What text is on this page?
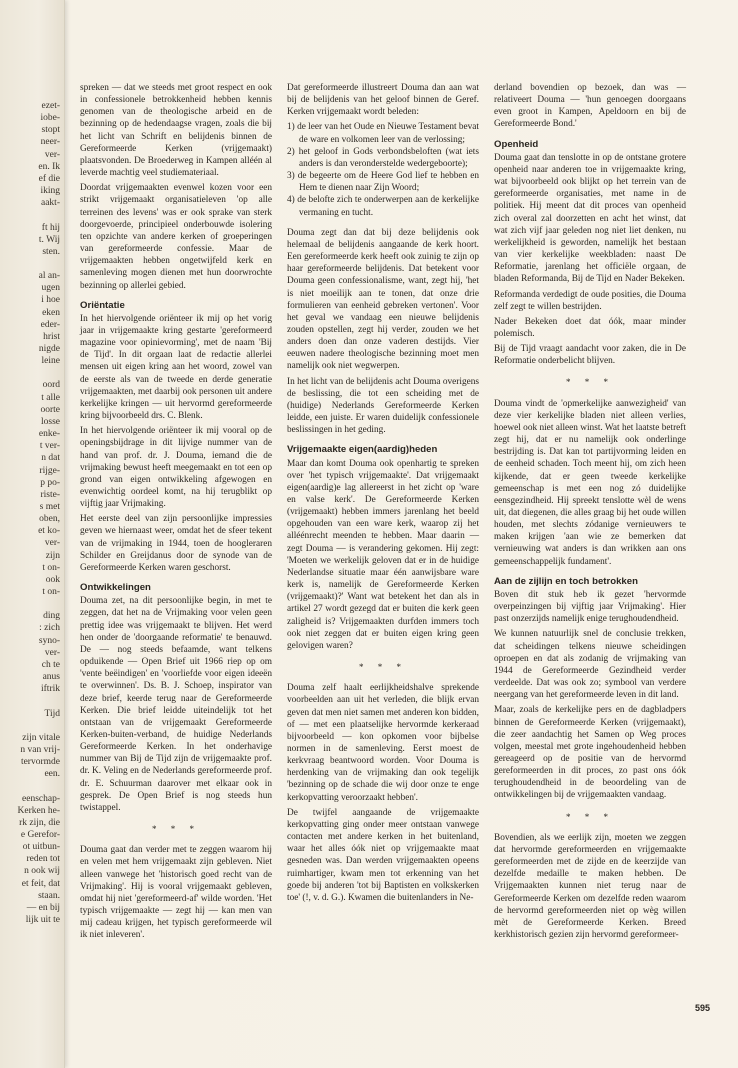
ezet-
iobe-
stopt
neer-
ver-
en. Ik
ef die
iking
aakt-
ft hij
t. Wij
sten.
al an-
ugen
i hoe
eken
eder-
hrist
nigde
leine
oord
t alle
oorte
losse
enke-
t ver-
n dat
rijge-
p po-
riste-
s met
oben,
et ko-
ver-
zijn
t on-
ook
t on-
ding
: zich
syno-
ver-
ch te
anus
iftrik
Tijd
zijn vitale
n van vrij-
tervormde
een.
eenschap-
Kerken he-
rk zijn, die
e Gerefor-
ot uitbun-
reden tot
n ook wij
et feit, dat
staan.
— en bij
lijk uit te

spreken — dat we steeds met groot respect en ook in confessionele betrokkenheid hebben kennis genomen van de theologische arbeid en de bezinning op de hedendaagse vragen, zoals die bij het licht van Schrift en belijdenis binnen de Gereformeerde Kerken (vrijgemaakt) plaatsvonden. De Broederweg in Kampen alléén al leverde machtig veel studiemateriaal.

Doordat vrijgemaakten evenwel kozen voor een strikt vrijgemaakt organisatieleven 'op alle terreinen des levens' was er ook sprake van sterk doorgevoerde, principieel onderbouwde isolering ten opzichte van andere kerken of groeperingen van gereformeerde confessie. Maar de vrijgemaakten hebben ongetwijfeld kerk en samenleving mogen dienen met hun doorwrochte bezinning op allerlei gebied.

Oriëntatie

In het hiervolgende oriënteer ik mij op het vorig jaar in vrijgemaakte kring gestarte 'gereformeerd magazine voor opinievorming', met de naam 'Bij de Tijd'. In dit orgaan laat de redactie allerlei mensen uit eigen kring aan het woord, zowel van de eerste als van de tweede en derde generatie vrijgemaakten, met daarbij ook personen uit andere kerkelijke kringen — uit hervormd gereformeerde kring bijvoorbeeld drs. C. Blenk.

In het hiervolgende oriënteer ik mij vooral op de openingsbijdrage in dit lijvige nummer van de hand van prof. dr. J. Douma, iemand die de vrijmaking bewust heeft meegemaakt en tot een op grond van eigen ontwikkeling afgewogen en evenwichtig oordeel komt, na hij terugblikt op vijftig jaar Vrijmaking.

Het eerste deel van zijn persoonlijke impressies geven we hiernaast weer, omdat het de sfeer tekent van de vrijmaking in 1944, toen de hoogleraren Schilder en Greijdanus door de synode van de Gereformeerde Kerken waren geschorst.

Ontwikkelingen

Douma zet, na dit persoonlijke begin, in met te zeggen, dat het na de Vrijmaking voor velen geen prettig idee was vrijgemaakt te blijven. Het werd hen onder de 'doorgaande reformatie' te benauwd. De — nog steeds befaamde, want telkens opduikende — Open Brief uit 1966 riep op om 'vente beëindigen' en 'voorliefde voor eigen ideeën te overwinnen'. Ds. B. J. Schoep, inspirator van deze brief, keerde terug naar de Gereformeerde Kerken. Die brief leidde uiteindelijk tot het ontstaan van de vrijgemaakt Gereformeerde Kerken-buiten-verband, de huidige Nederlands Gereformeerde Kerken. In het onderhavige nummer van Bij de Tijd zijn de vrijgemaakte prof. dr. K. Veling en de Nederlands gereformeerde prof. dr. E. Schuurman daarover met elkaar ook in gesprek. De Open Brief is nog steeds hun twistappel.

* * *

Douma gaat dan verder met te zeggen waarom hij en velen met hem vrijgemaakt zijn gebleven. Niet alleen vanwege het 'historisch goed recht van de Vrijmaking'. Hij is vooral vrijgemaakt gebleven, omdat hij niet 'gereformeerd-af' wilde worden. 'Het typisch vrijgemaakte — zegt hij — kan men van mij cadeau krijgen, het typisch gereformeerde wil ik niet inleveren'.

Dat gereformeerde illustreert Douma dan aan wat bij de belijdenis van het geloof binnen de Geref. Kerken vrijgemaakt wordt beleden:

1) de leer van het Oude en Nieuwe Testament bevat de ware en volkomen leer van de verlossing;
2) het geloof in Gods verbondsbeloften (wat iets anders is dan veronderstelde wedergeboorte);
3) de begeerte om de Heere God lief te hebben en Hem te dienen naar Zijn Woord;
4) de belofte zich te onderwerpen aan de kerkelijke vermaning en tucht.

Douma zegt dan dat bij deze belijdenis ook helemaal de belijdenis aangaande de kerk hoort. Een gereformeerde kerk heeft ook zuinig te zijn op haar gereformeerde belijdenis. Dat betekent voor Douma geen confessionalisme, want, zegt hij, 'het is niet moeilijk aan te tonen, dat onze drie formulieren van eenheid gebreken vertonen'. Voor het geval we vandaag een nieuwe belijdenis zouden opstellen, zegt hij verder, zouden we het anders doen dan onze vaderen destijds. Vier eeuwen nadere theologische bezinning moet men namelijk ook niet wegwerpen.

In het licht van de belijdenis acht Douma overigens de beslissing, die tot een scheiding met de (huidige) Nederlands Gereformeerde Kerken leidde, een juiste. Er waren duidelijk confessionele beslissingen in het geding.

Vrijgemaakte eigen(aardig)heden

Maar dan komt Douma ook openhartig te spreken over 'het typisch vrijgemaakte'. Dat vrijgemaakt eigen(aardig)e lag allereerst in het zicht op 'ware en valse kerk'. De Gereformeerde Kerken (vrijgemaakt) hebben immers jarenlang het beeld opgehouden van een ware kerk, waarop zij het alléénrecht meenden te hebben. Maar daarin — zegt Douma — is verandering gekomen. Hij zegt: 'Moeten we werkelijk geloven dat er in de huidige Nederlandse situatie maar één aanwijsbare ware kerk is, namelijk de Gereformeerde Kerken (vrijgemaakt)?' Want wat betekent het dan als in artikel 27 wordt gezegd dat er buiten die kerk geen zaligheid is? Vrijgemaakten durfden immers toch ook niet zeggen dat er buiten eigen kring geen gelovigen waren?

* * *

Douma zelf haalt eerlijkheidshalve sprekende voorbeelden aan uit het verleden, die blijk ervan geven dat men niet samen met anderen kon bidden, of — met een plaatselijke hervormde kerkeraad bijvoorbeeld — kon opkomen voor bijbelse normen in de samenleving. Eerst moest de kerkvraag beantwoord worden. Voor Douma is herdenking van de vrijmaking dan ook tegelijk 'bezinning op de schade die wij door onze te enge kerkopvatting veroorzaakt hebben'.

De twijfel aangaande de vrijgemaakte kerkopvatting ging onder meer ontstaan vanwege contacten met andere kerken in het buitenland, waar het alles óók niet op vrijgemaakte maat gesneden was. Dan werden vrijgemaakten opeens ruimhartiger, kwam men tot erkenning van het goede bij anderen 'tot bij Baptisten en volkskerken toe' (!, v. d. G.). Kwamen die buitenlanders in Ne-

derland bovendien op bezoek, dan was — relativeert Douma — 'hun genoegen doorgaans even groot in Kampen, Apeldoorn en bij de Gereformeerde Bond.'

Openheid

Douma gaat dan tenslotte in op de ontstane grotere openheid naar anderen toe in vrijgemaakte kring, wat bijvoorbeeld ook blijkt op het terrein van de gereformeerde organisaties, met name in de politiek. Hij meent dat dit proces van openheid zich overal zal doorzetten en acht het winst, dat wat zich vijf jaar geleden nog niet liet denken, nu werkelijkheid is geworden, namelijk het bestaan van vier kerkelijke weekbladen: naast De Reformatie, jarenlang het officiële orgaan, de bladen Reformanda, Bij de Tijd en Nader Bekeken.

Reformanda verdedigt de oude posities, die Douma zelf zegt te willen bestrijden.

Nader Bekeken doet dat óók, maar minder polemisch.

Bij de Tijd vraagt aandacht voor zaken, die in De Reformatie onderbelicht blijven.

* * *

Douma vindt de 'opmerkelijke aanwezigheid' van deze vier kerkelijke bladen niet alleen verlies, hoewel ook niet alleen winst. Wat het laatste betreft zegt hij, dat er nu namelijk ook onderlinge bestrijding is. Dat kan tot partijvorming leiden en de eenheid schaden. Toch meent hij, om zich heen kijkende, dat er geen tweede kerkelijke gemeenschap is met een nog zó duidelijke eensgezindheid. Hij spreekt tenslotte wèl de wens uit, dat diegenen, die alles graag bij het oude willen houden, met slechts zódanige vernieuwers te maken krijgen 'aan wie ze bemerken dat vernieuwing wat anders is dan wrikken aan ons gemeenschappelijk fundament'.

Aan de zijlijn en toch betrokken

Boven dit stuk heb ik gezet 'hervormde overpeinzingen bij vijftig jaar Vrijmaking'. Hier past onzerzijds namelijk enige terughoudendheid.

We kunnen natuurlijk snel de conclusie trekken, dat scheidingen telkens nieuwe scheidingen oproepen en dat als zodanig de vrijmaking van 1944 de Gereformeerde Gezindheid verder verdeelde. Dat was ook zo; symbool van verdere neergang van het gereformeerde leven in dit land.

Maar, zoals de kerkelijke pers en de dagbladpers binnen de Gereformeerde Kerken (vrijgemaakt), die zeer aandachtig het Samen op Weg proces volgen, meestal met grote ingehoudenheid hebben gereageerd op de positie van de hervormd gereformeerden in dit proces, zo past ons óók terughoudendheid in de beoordeling van de ontwikkelingen bij de vrijgemaakten vandaag.

* * *

Bovendien, als we eerlijk zijn, moeten we zeggen dat hervormde gereformeerden en vrijgemaakte gereformeerden met de zijde en de keerzijde van dezelfde medaille te maken hebben. De Vrijgemaakten kunnen niet terug naar de Gereformeerde Kerken om dezelfde reden waarom de hervormd gereformeerden niet op wèg willen mèt de Gereformeerde Kerken. Breed kerkhistorisch gezien zijn hervormd gereformeer-

595
